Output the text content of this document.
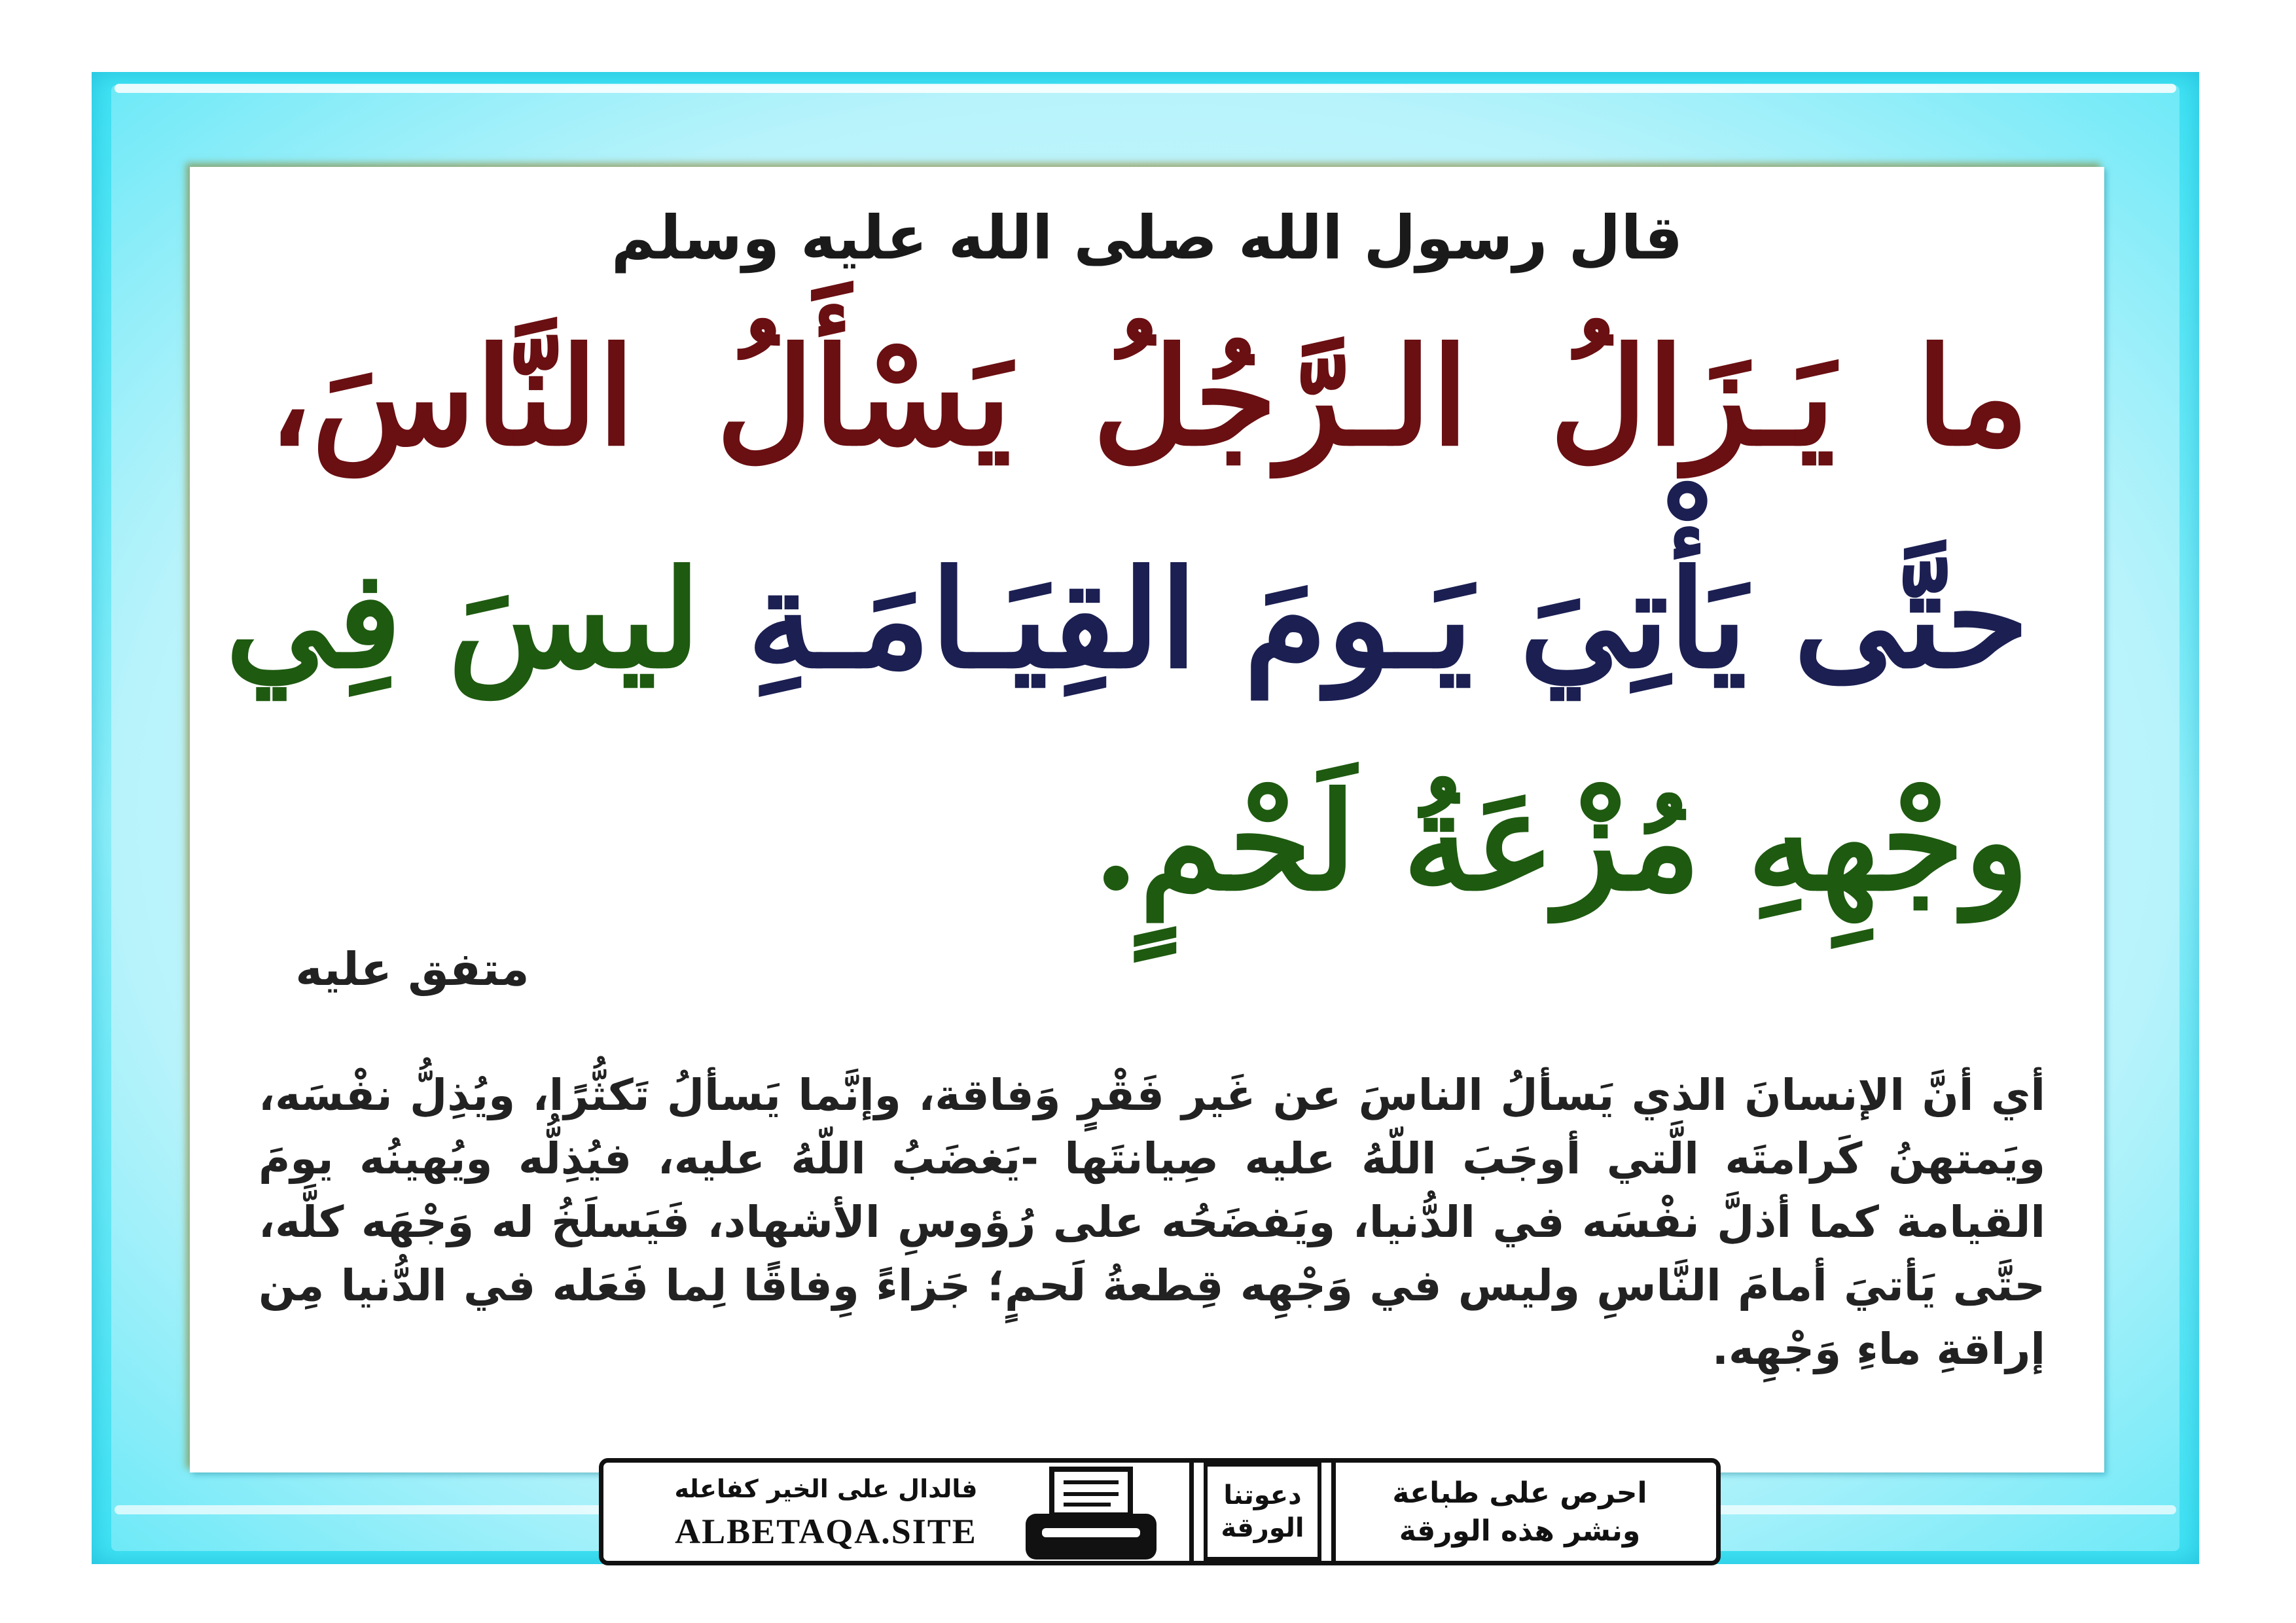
قال رسول الله صلى الله عليه وسلم
ما يَـزَالُ الـرَّجُلُ يَسْأَلُ النَّاسَ،
حتَّى يَأْتِيَ يَـومَ القِيَـامَـةِ ليسَ فِي
وجْهِهِ مُزْعَةُ لَحْمٍ.
متفق عليه
أي أنَّ الإنسانَ الذي يَسألُ الناسَ عن غَير فَقْرٍ وَفاقة، وإنَّما يَسألُ تَكثُّرًا، ويُذِلُّ نفْسَه، ويَمتهنُ كَرامتَه الَّتي أوجَبَ اللّهُ عليه صِيانتَها -يَغضَبُ اللّهُ عليه، فيُذِلُّه ويُهينُه يومَ القيامة كما أذلَّ نفْسَه في الدُّنيا، ويَفضَحُه على رُؤوسِ الأشهاد، فَيَسلَخُ له وَجْهَه كلَّه، حتَّى يَأتيَ أمامَ النَّاسِ وليس في وَجْهِه قِطعةُ لَحمٍ؛ جَزاءً وِفاقًا لِما فَعَله في الدُّنيا مِن إراقةِ ماءِ وَجْهِه.
فالدال على الخير كفاعله
ALBETAQA.SITE
دعوتنا الورقة
احرص على طباعة
ونشر هذه الورقة
